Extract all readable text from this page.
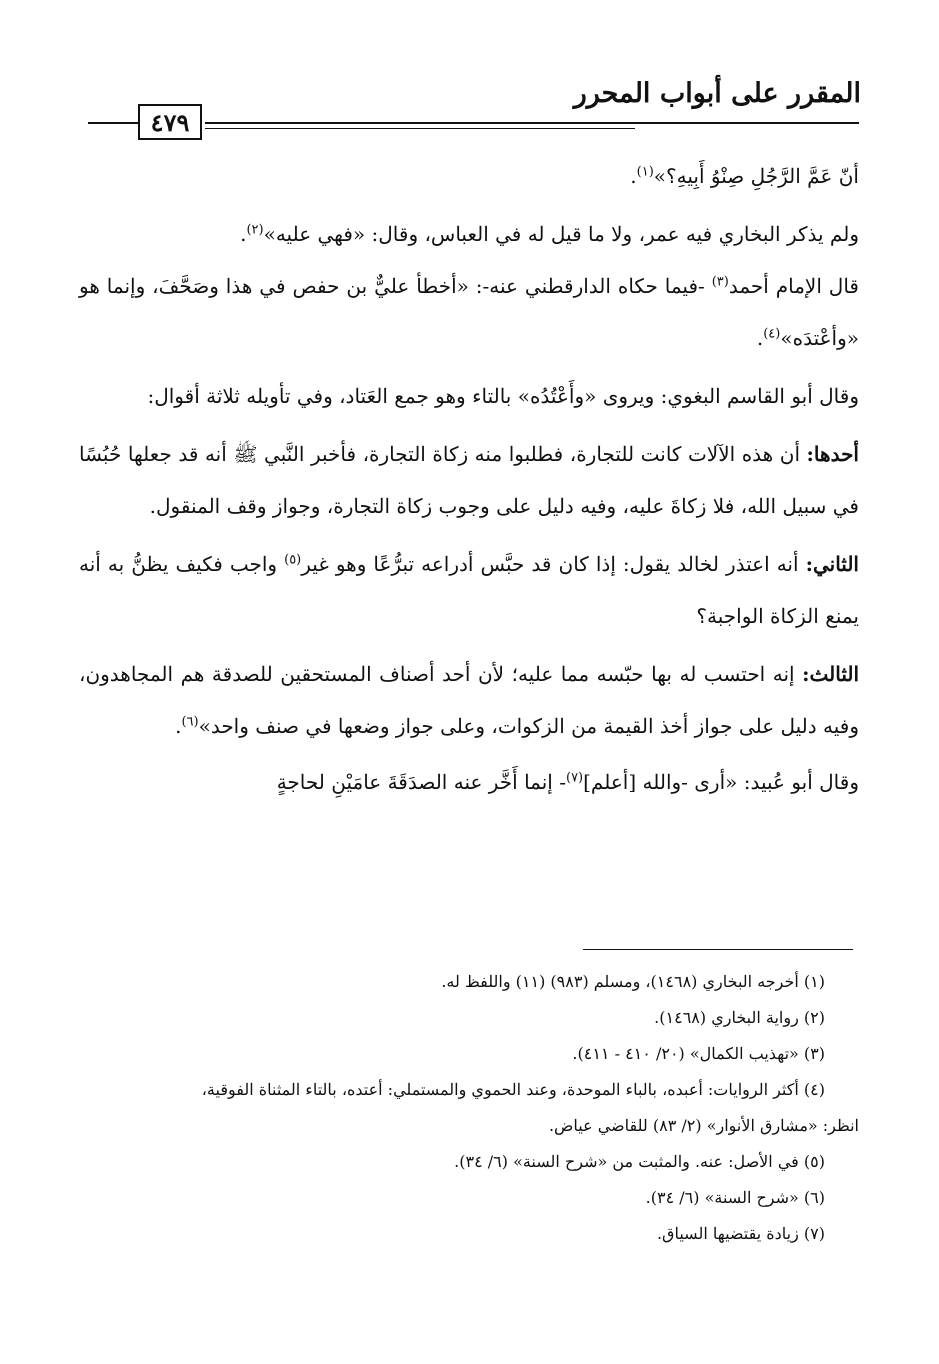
المقرر على أبواب المحرر
٤٧٩

أنّ عَمَّ الرَّجُلِ صِنْوُ أَبِيهِ؟»$^{(١)}$.

ولم يذكر البخاري فيه عمر، ولا ما قيل له في العباس، وقال: «فهي عليه»$^{(٢)}$.

قال الإمام أحمد$^{(٣)}$ -فيما حكاه الدارقطني عنه-: «أخطأ عليٌّ بن حفص في هذا وصَحَّفَ، وإنما هو «وأعْتدَه»$^{(٤)}$.

وقال أبو القاسم البغوي: ويروى «وأَعْتُدُه» بالتاء وهو جمع العَتاد، وفي تأويله ثلاثة أقوال:

أحدها: أن هذه الآلات كانت للتجارة، فطلبوا منه زكاة التجارة، فأخبر النَّبي ﷺ أنه قد جعلها حُبُسًا في سبيل الله، فلا زكاةَ عليه، وفيه دليل على وجوب زكاة التجارة، وجواز وقف المنقول.

الثاني: أنه اعتذر لخالد يقول: إذا كان قد حبَّس أدراعه تبرُّعًا وهو غير$^{(٥)}$ واجب فكيف يظنُّ به أنه يمنع الزكاة الواجبة؟

الثالث: إنه احتسب له بها حبّسه مما عليه؛ لأن أحد أصناف المستحقين للصدقة هم المجاهدون، وفيه دليل على جواز أخذ القيمة من الزكوات، وعلى جواز وضعها في صنف واحد»$^{(٦)}$.

وقال أبو عُبيد: «أرى -والله [أعلم]$^{(٧)}$- إنما أَخَّر عنه الصدَقَةَ عامَيْنِ لحاجةٍ

(١) أخرجه البخاري (١٤٦٨)، ومسلم (٩٨٣) (١١) واللفظ له.
(٢) رواية البخاري (١٤٦٨).
(٣) «تهذيب الكمال» (٢٠/ ٤١٠ - ٤١١).
(٤) أكثر الروايات: أعبده، بالباء الموحدة، وعند الحموي والمستملي: أعتده، بالتاء المثناة الفوقية،
انظر: «مشارق الأنوار» (٢/ ٨٣) للقاضي عياض.
(٥) في الأصل: عنه. والمثبت من «شرح السنة» (٦/ ٣٤).
(٦) «شرح السنة» (٦/ ٣٤).
(٧) زيادة يقتضيها السياق.
